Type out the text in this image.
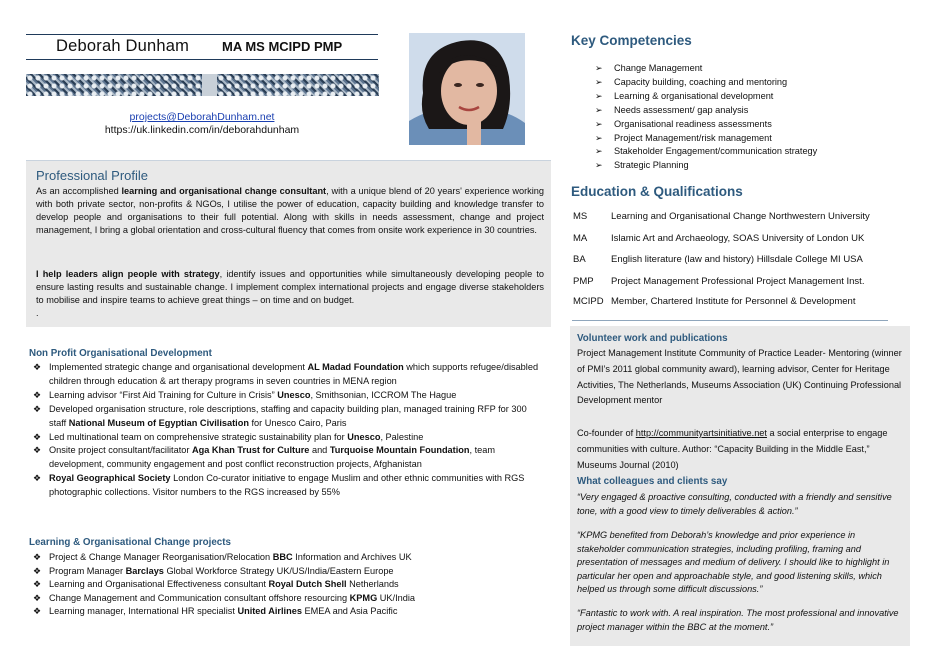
Deborah Dunham	MA MS MCIPD PMP
projects@DeborahDunham.net
https://uk.linkedin.com/in/deborahdunham
Professional Profile
As an accomplished learning and organisational change consultant, with a unique blend of 20 years' experience working with both private sector, non-profits & NGOs, I utilise the power of education, capacity building and knowledge transfer to develop people and organisations to their full potential. Along with skills in needs assessment, change and project management, I bring a global orientation and cross-cultural fluency that comes from onsite work experience in 30 countries.
I help leaders align people with strategy, identify issues and opportunities while simultaneously developing people to ensure lasting results and sustainable change. I implement complex international projects and engage diverse stakeholders to mobilise and inspire teams to achieve great things – on time and on budget.
.
Non Profit Organisational Development
❖ Implemented strategic change and organisational development AL Madad Foundation which supports refugee/disabled children through education & art therapy programs in seven countries in MENA region
❖ Learning advisor “First Aid Training for Culture in Crisis” Unesco, Smithsonian, ICCROM The Hague
❖ Developed organisation structure, role descriptions, staffing and capacity building plan, managed training RFP for 300 staff National Museum of Egyptian Civilisation for Unesco Cairo, Paris
❖ Led multinational team on comprehensive strategic sustainability plan for Unesco, Palestine
❖ Onsite project consultant/facilitator Aga Khan Trust for Culture and Turquoise Mountain Foundation, team development, community engagement and post conflict reconstruction projects, Afghanistan
❖ Royal Geographical Society London Co-curator initiative to engage Muslim and other ethnic communities with RGS photographic collections. Visitor numbers to the RGS increased by 55%
Learning & Organisational Change projects
❖ Project & Change Manager Reorganisation/Relocation BBC Information and Archives UK
❖ Program Manager Barclays Global Workforce Strategy UK/US/India/Eastern Europe
❖ Learning and Organisational Effectiveness consultant Royal Dutch Shell Netherlands
❖ Change Management and Communication consultant offshore resourcing KPMG UK/India
❖ Learning manager, International HR specialist United Airlines EMEA and Asia Pacific
Key Competencies
➢ Change Management
➢ Capacity building, coaching and mentoring
➢ Learning & organisational development
➢ Needs assessment/ gap analysis
➢ Organisational readiness assessments
➢ Project Management/risk management
➢ Stakeholder Engagement/communication strategy
➢ Strategic Planning
Education & Qualifications
MS	Learning and Organisational Change Northwestern University
MA	Islamic Art and Archaeology, SOAS University of London UK
BA	English literature (law and history) Hillsdale College MI USA
PMP	Project Management Professional Project Management Inst.
MCIPD Member, Chartered Institute for Personnel & Development
Volunteer work and publications
Project Management Institute Community of Practice Leader- Mentoring (winner of PMI’s 2011 global community award), learning advisor, Center for Heritage Activities, The Netherlands, Museums Association (UK) Continuing Professional Development mentor
Co-founder of http://communityartsinitiative.net a social enterprise to engage communities with culture. Author: “Capacity Building in the Middle East,” Museums Journal (2010)
What colleagues and clients say
“Very engaged & proactive consulting, conducted with a friendly and sensitive tone, with a good view to timely deliverables & action.”
“KPMG benefited from Deborah’s knowledge and prior experience in stakeholder communication strategies, including profiling, framing and presentation of messages and medium of delivery. I should like to highlight in particular her open and approachable style, and good listening skills, which helped us through some difficult discussions.”
“Fantastic to work with. A real inspiration. The most professional and innovative project manager within the BBC at the moment.”
